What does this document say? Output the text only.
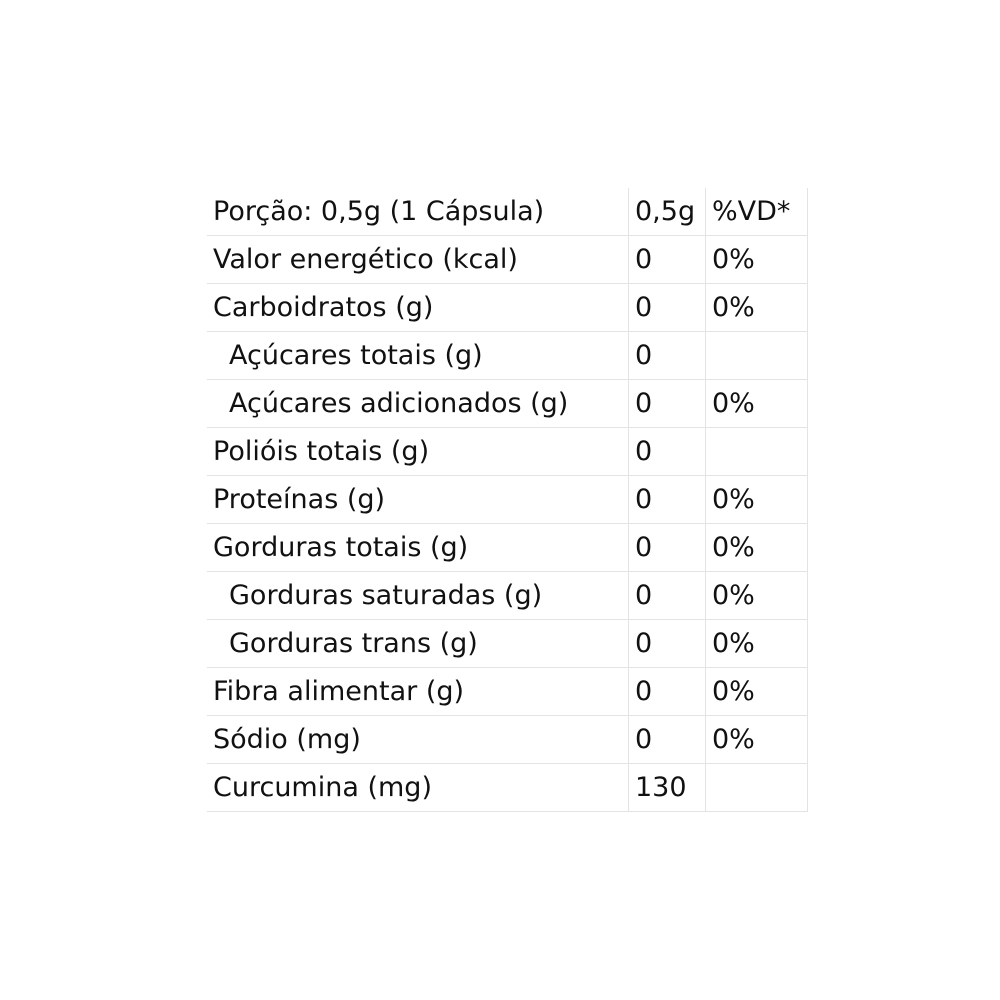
Porção: 0,5g (1 Cápsula)	0,5g	%VD*
Valor energético (kcal)	0	0%
Carboidratos (g)	0	0%
Açúcares totais (g)	0	
Açúcares adicionados (g)	0	0%
Polióis totais (g)	0	
Proteínas (g)	0	0%
Gorduras totais (g)	0	0%
Gorduras saturadas (g)	0	0%
Gorduras trans (g)	0	0%
Fibra alimentar (g)	0	0%
Sódio (mg)	0	0%
Curcumina (mg)	130	
